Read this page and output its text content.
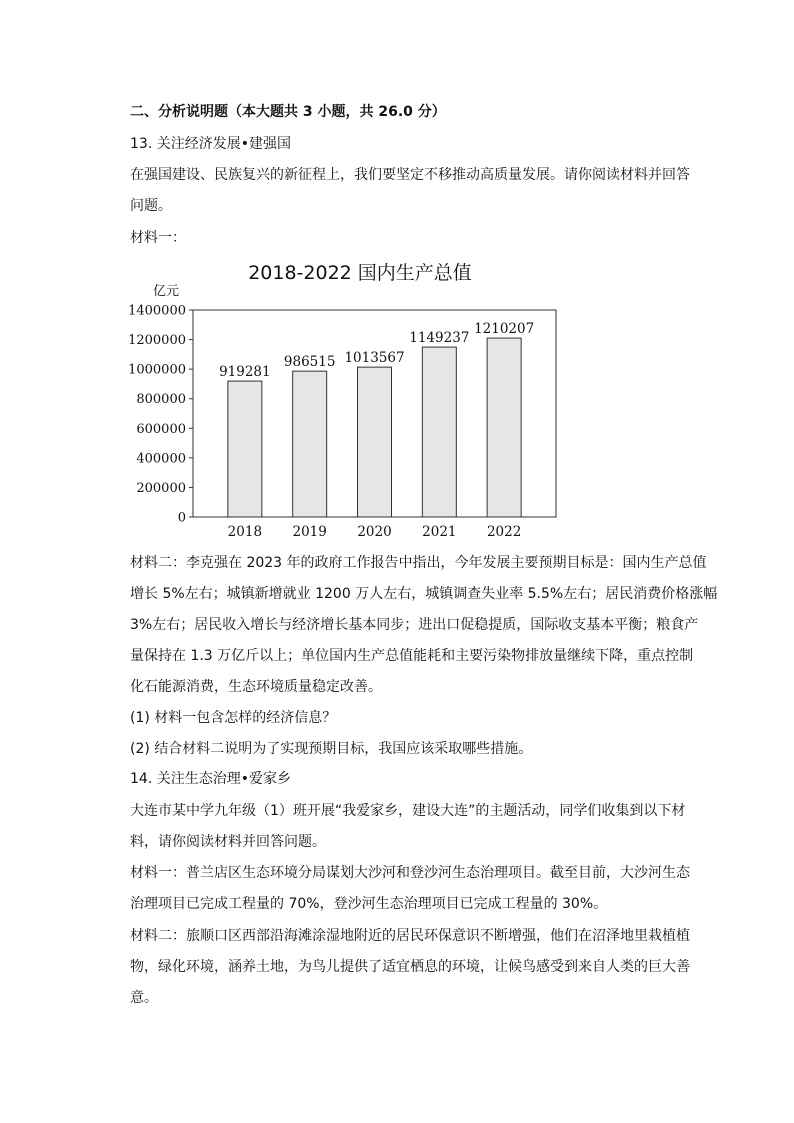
二、分析说明题（本大题共 3 小题，共 26.0 分）
13. 关注经济发展•建强国
在强国建设、民族复兴的新征程上，我们要坚定不移推动高质量发展。请你阅读材料并回答
问题。
材料一：
2018-2022 国内生产总值
亿元
0
200000
400000
600000
800000
1000000
1200000
1400000
919281
2018
986515
2019
1013567
2020
1149237
2021
1210207
2022
材料二：李克强在 2023 年的政府工作报告中指出，今年发展主要预期目标是：国内生产总值
增长 5%左右；城镇新增就业 1200 万人左右，城镇调查失业率 5.5%左右；居民消费价格涨幅
3%左右；居民收入增长与经济增长基本同步；进出口促稳提质，国际收支基本平衡；粮食产
量保持在 1.3 万亿斤以上；单位国内生产总值能耗和主要污染物排放量继续下降，重点控制
化石能源消费，生态环境质量稳定改善。
(1) 材料一包含怎样的经济信息？
(2) 结合材料二说明为了实现预期目标，我国应该采取哪些措施。
14. 关注生态治理•爱家乡
大连市某中学九年级（1）班开展“我爱家乡，建设大连”的主题活动，同学们收集到以下材
料，请你阅读材料并回答问题。
材料一：普兰店区生态环境分局谋划大沙河和登沙河生态治理项目。截至目前，大沙河生态
治理项目已完成工程量的 70%，登沙河生态治理项目已完成工程量的 30%。
材料二：旅顺口区西部沿海滩涂湿地附近的居民环保意识不断增强，他们在沼泽地里栽植植
物，绿化环境，涵养土地，为鸟儿提供了适宜栖息的环境，让候鸟感受到来自人类的巨大善
意。
